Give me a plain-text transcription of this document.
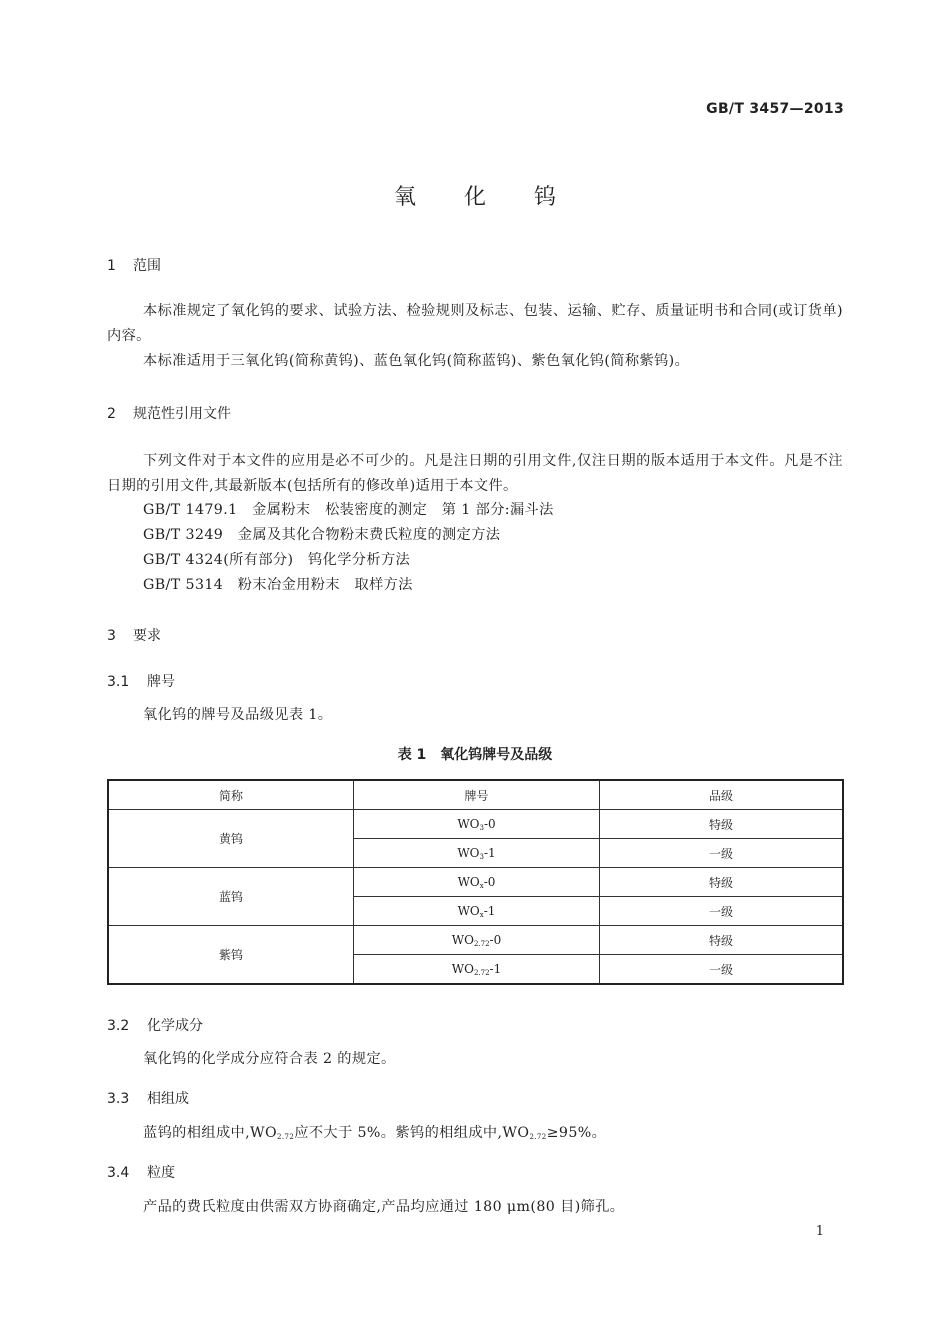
GB/T 3457—2013
氧 化 钨
1 范围
本标准规定了氧化钨的要求、试验方法、检验规则及标志、包装、运输、贮存、质量证明书和合同(或订货单)内容。
本标准适用于三氧化钨(简称黄钨)、蓝色氧化钨(简称蓝钨)、紫色氧化钨(简称紫钨)。
2 规范性引用文件
下列文件对于本文件的应用是必不可少的。凡是注日期的引用文件,仅注日期的版本适用于本文件。凡是不注日期的引用文件,其最新版本(包括所有的修改单)适用于本文件。
GB/T 1479.1　金属粉末　松装密度的测定　第 1 部分:漏斗法
GB/T 3249　金属及其化合物粉末费氏粒度的测定方法
GB/T 4324(所有部分)　钨化学分析方法
GB/T 5314　粉末冶金用粉末　取样方法
3 要求
3.1 牌号
氧化钨的牌号及品级见表 1。
表 1　氧化钨牌号及品级
简称	牌号	品级
黄钨	$WO_3-0$	特级
	$WO_3-1$	一级
蓝钨	$WO_x-0$	特级
	$WO_x-1$	一级
紫钨	$WO_{2.72}-0$	特级
	$WO_{2.72}-1$	一级
3.2 化学成分
氧化钨的化学成分应符合表 2 的规定。
3.3 相组成
蓝钨的相组成中$,WO_{2.72}$应不大于 5%。紫钨的相组成中$,WO_{2.72}\ge 95\%$。
3.4 粒度
产品的费氏粒度由供需双方协商确定,产品均应通过 180 μm(80 目)筛孔。
1
